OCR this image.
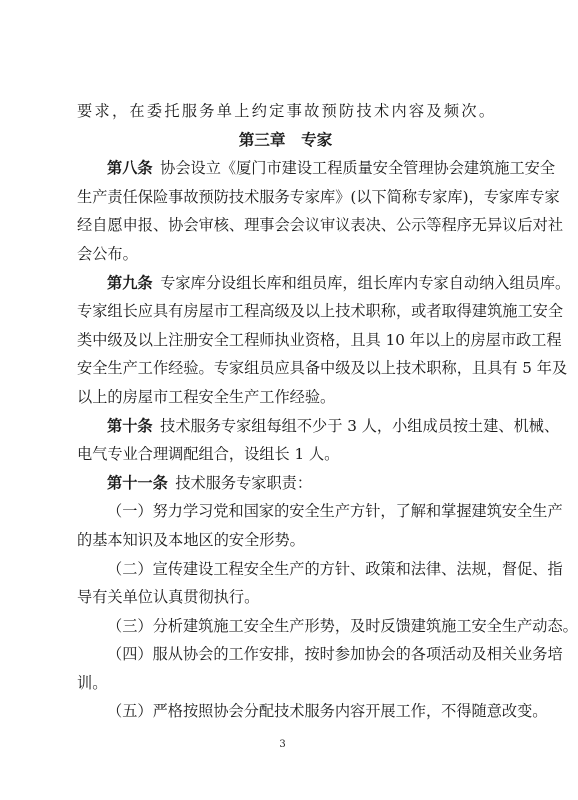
要求，在委托服务单上约定事故预防技术内容及频次。
第三章　专家
第八条  协会设立《厦门市建设工程质量安全管理协会建筑施工安全
生产责任保险事故预防技术服务专家库》(以下简称专家库)，专家库专家
经自愿申报、协会审核、理事会会议审议表决、公示等程序无异议后对社
会公布。
第九条  专家库分设组长库和组员库，组长库内专家自动纳入组员库。
专家组长应具有房屋市工程高级及以上技术职称，或者取得建筑施工安全
类中级及以上注册安全工程师执业资格，且具 10 年以上的房屋市政工程
安全生产工作经验。专家组员应具备中级及以上技术职称，且具有 5 年及
以上的房屋市工程安全生产工作经验。
第十条  技术服务专家组每组不少于 3 人，小组成员按土建、机械、
电气专业合理调配组合，设组长 1 人。
第十一条  技术服务专家职责：
（一）努力学习党和国家的安全生产方针，了解和掌握建筑安全生产
的基本知识及本地区的安全形势。
（二）宣传建设工程安全生产的方针、政策和法律、法规，督促、指
导有关单位认真贯彻执行。
（三）分析建筑施工安全生产形势，及时反馈建筑施工安全生产动态。
（四）服从协会的工作安排，按时参加协会的各项活动及相关业务培
训。
（五）严格按照协会分配技术服务内容开展工作，不得随意改变。
3
